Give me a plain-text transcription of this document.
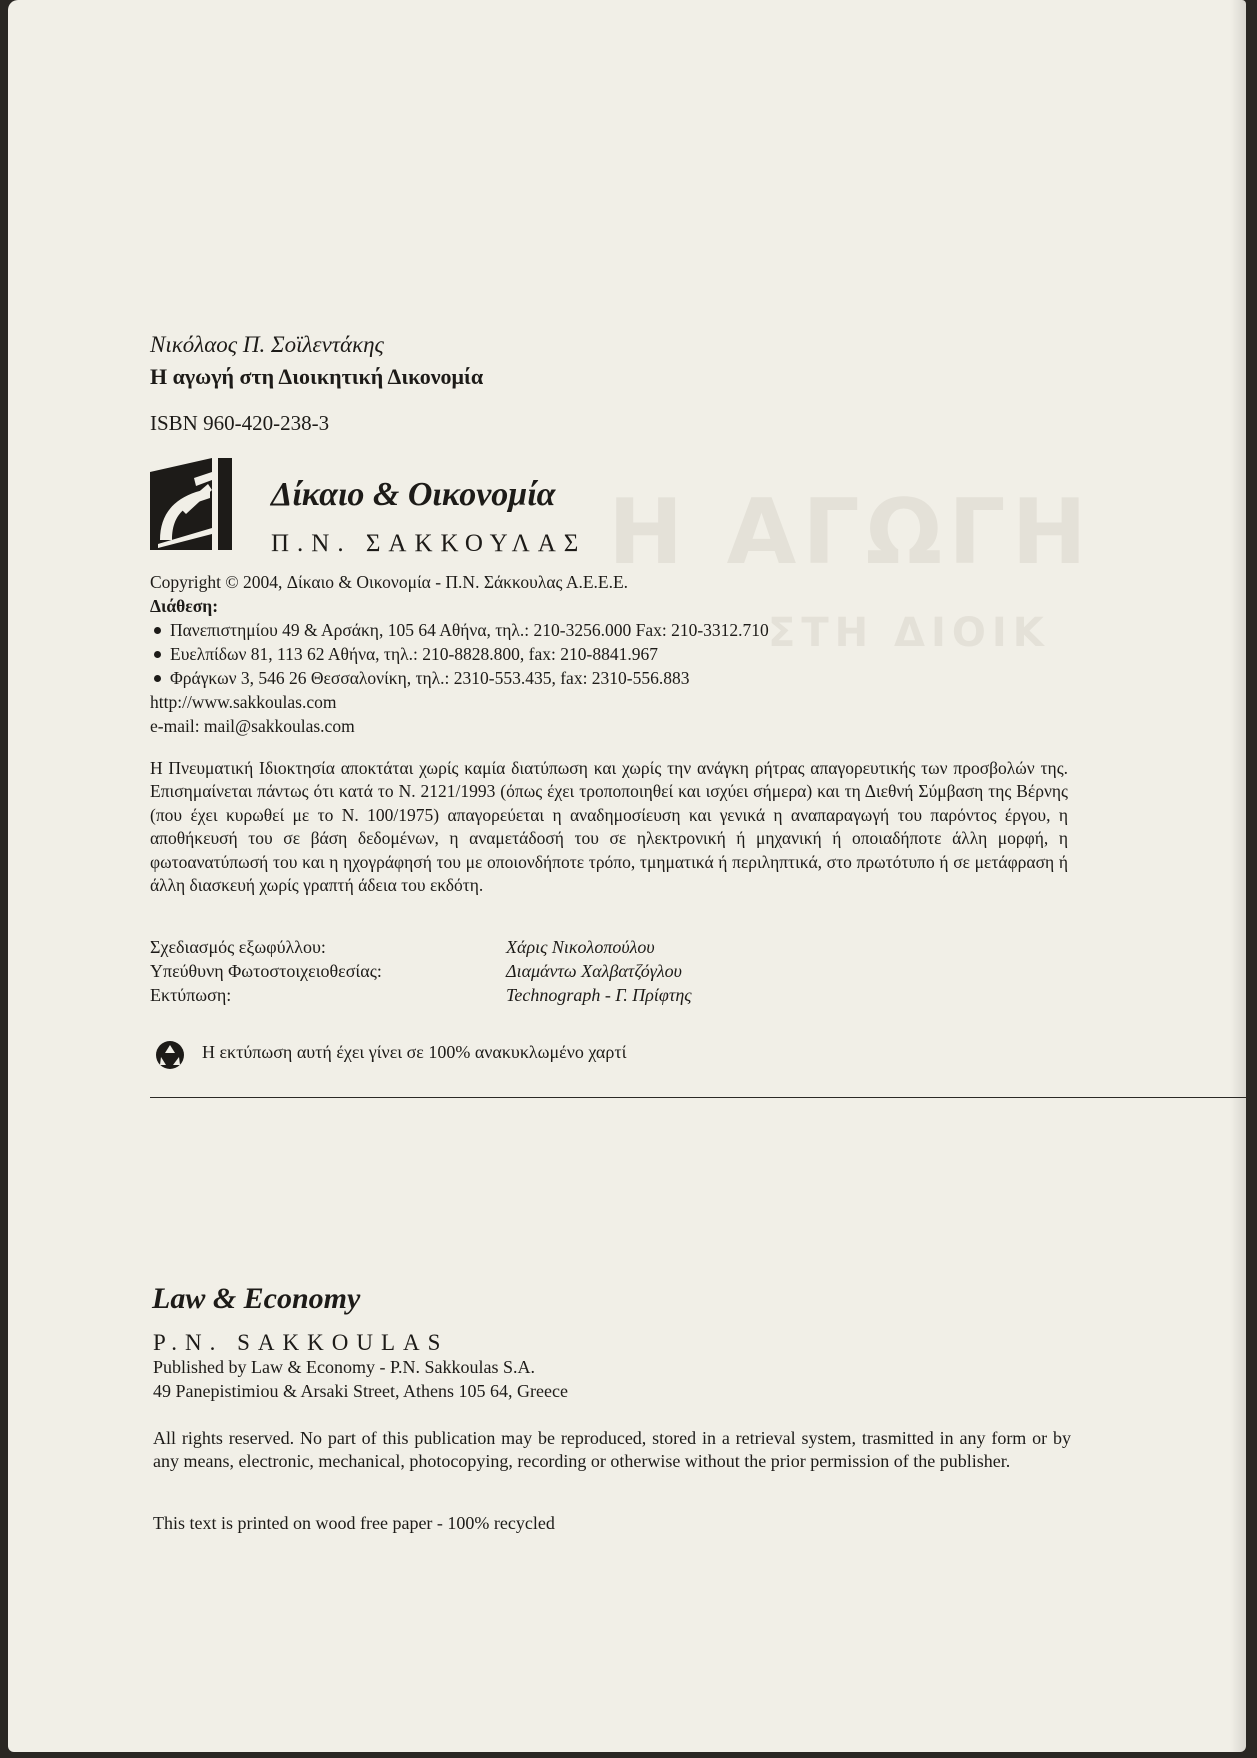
Η ΑΓΩΓΗ
ΣΤΗ ΔΙΟΙΚ
Νικόλαος Π. Σοϊλεντάκης
Η αγωγή στη Διοικητική Δικονομία
ISBN 960-420-238-3
Δίκαιο & Οικονομία
Π.Ν. ΣΑΚΚΟΥΛΑΣ
Copyright © 2004, Δίκαιο & Οικονομία - Π.Ν. Σάκκουλας Α.Ε.Ε.Ε.
Διάθεση:
Πανεπιστημίου 49 & Αρσάκη, 105 64 Αθήνα, τηλ.: 210-3256.000 Fax: 210-3312.710
Ευελπίδων 81, 113 62 Αθήνα, τηλ.: 210-8828.800, fax: 210-8841.967
Φράγκων 3, 546 26 Θεσσαλονίκη, τηλ.: 2310-553.435, fax: 2310-556.883
http://www.sakkoulas.com
e-mail: mail@sakkoulas.com
Η Πνευματική Ιδιοκτησία αποκτάται χωρίς καμία διατύπωση και χωρίς την ανάγκη ρήτρας απαγορευτικής των προσβολών της. Επισημαίνεται πάντως ότι κατά το Ν. 2121/1993 (όπως έχει τροποποιηθεί και ισχύει σήμερα) και τη Διεθνή Σύμβαση της Βέρνης (που έχει κυρωθεί με το Ν. 100/1975) απαγορεύεται η αναδημοσίευση και γενικά η αναπαραγωγή του παρόντος έργου, η αποθήκευσή του σε βάση δεδομένων, η αναμετάδοσή του σε ηλεκτρονική ή μηχανική ή οποιαδήποτε άλλη μορφή, η φωτοανατύπωσή του και η ηχογράφησή του με οποιονδήποτε τρόπο, τμηματικά ή περιληπτικά, στο πρωτότυπο ή σε μετάφραση ή άλλη διασκευή χωρίς γραπτή άδεια του εκδότη.
Σχεδιασμός εξωφύλλου:	Χάρις Νικολοπούλου
Υπεύθυνη Φωτοστοιχειοθεσίας:	Διαμάντω Χαλβατζόγλου
Εκτύπωση:	Technograph - Γ. Πρίφτης
Η εκτύπωση αυτή έχει γίνει σε 100% ανακυκλωμένο χαρτί
Law & Economy
P.N. SAKKOULAS
Published by Law & Economy - P.N. Sakkoulas S.A.
49 Panepistimiou & Arsaki Street, Athens 105 64, Greece
All rights reserved. No part of this publication may be reproduced, stored in a retrieval system, trasmitted in any form or by any means, electronic, mechanical, photocopying, recording or otherwise without the prior permission of the publisher.
This text is printed on wood free paper - 100% recycled
